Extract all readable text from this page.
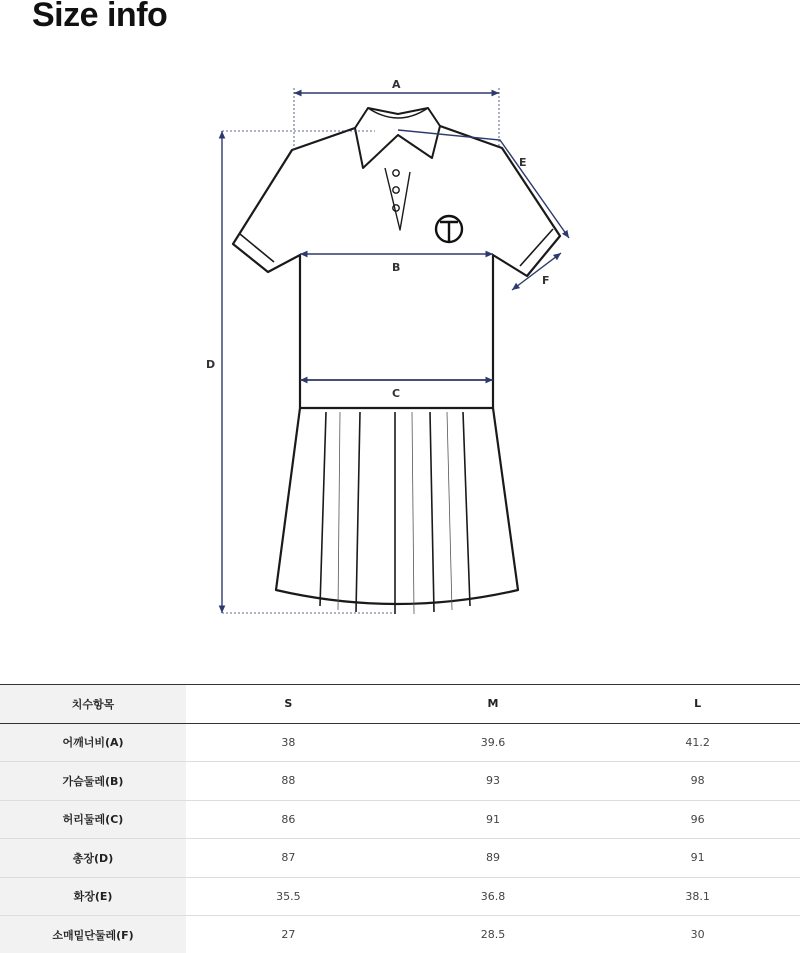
Size info
A
B
C
D
E
F
치수항목	S	M	L
어깨너비(A)	38	39.6	41.2
가슴둘레(B)	88	93	98
허리둘레(C)	86	91	96
총장(D)	87	89	91
화장(E)	35.5	36.8	38.1
소매밑단둘레(F)	27	28.5	30
